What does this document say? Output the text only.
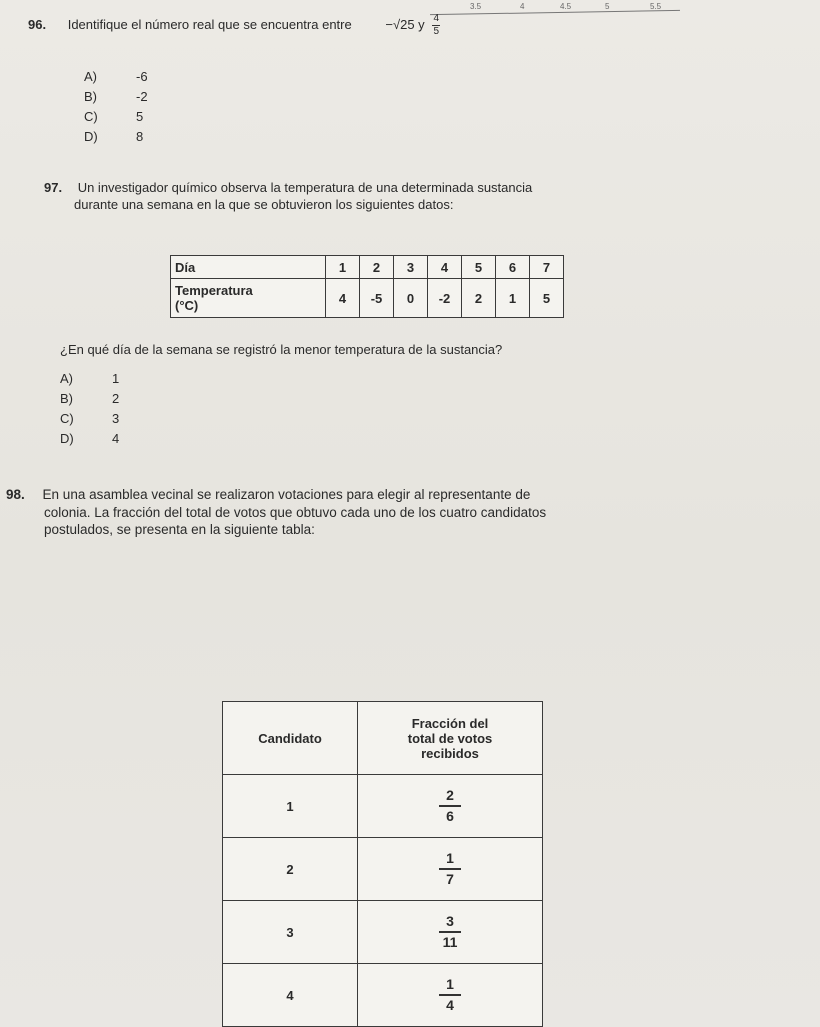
3.5	4	4.5	5	5.5
96. Identifique el número real que se encuentra entre	−√25 y $\frac{4}{5}$
A)	-6
B)	-2
C)	5
D)	8
97. Un investigador químico observa la temperatura de una determinada sustancia
durante una semana en la que se obtuvieron los siguientes datos:
Día	1	2	3	4	5	6	7

Temperatura
(°C)	4	-5	0	-2	2	1	5
¿En qué día de la semana se registró la menor temperatura de la sustancia?
A)	1
B)	2
C)	3
D)	4
98. En una asamblea vecinal se realizaron votaciones para elegir al representante de
colonia. La fracción del total de votos que obtuvo cada uno de los cuatro candidatos
postulados, se presenta en la siguiente tabla:
Candidato	Fracción del
total de votos
recibidos

1	$\frac{2}{6}$

2	$\frac{1}{7}$

3	$\frac{3}{11}$

4	$\frac{1}{4}$
